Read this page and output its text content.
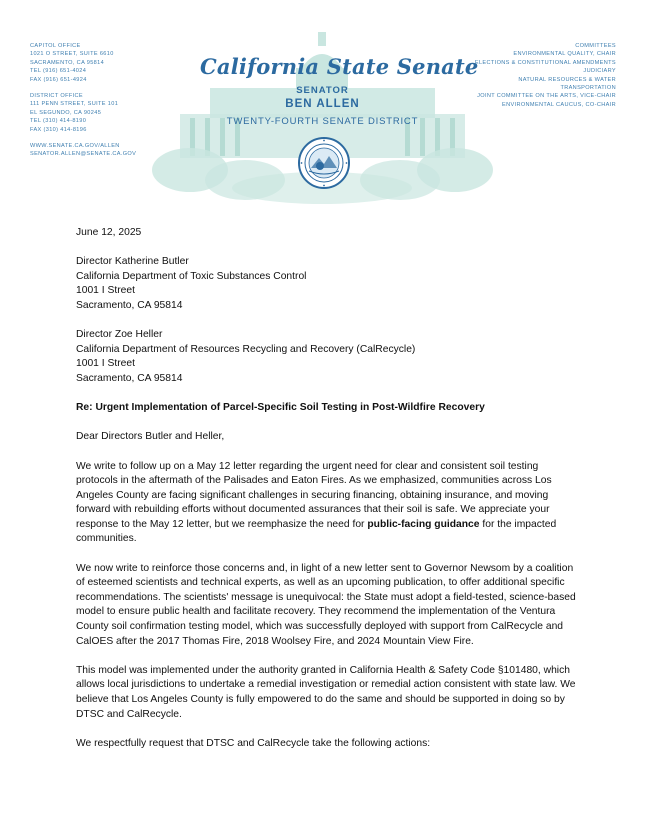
CAPITOL OFFICE
1021 O STREET, SUITE 6610
SACRAMENTO, CA 95814
TEL (916) 651-4024
FAX (916) 651-4924
DISTRICT OFFICE
111 PENN STREET, SUITE 101
EL SEGUNDO, CA 90245
TEL (310) 414-8190
FAX (310) 414-8196
WWW.SENATE.CA.GOV/ALLEN
SENATOR.ALLEN@SENATE.CA.GOV
COMMITTEES
ENVIRONMENTAL QUALITY, CHAIR
ELECTIONS & CONSTITUTIONAL AMENDMENTS
JUDICIARY
NATURAL RESOURCES & WATER
TRANSPORTATION
JOINT COMMITTEE ON THE ARTS, VICE-CHAIR
ENVIRONMENTAL CAUCUS, CO-CHAIR
California State Senate
SENATOR
BEN ALLEN
TWENTY-FOURTH SENATE DISTRICT

June 12, 2025

Director Katherine Butler
California Department of Toxic Substances Control
1001 I Street
Sacramento, CA 95814
Director Zoe Heller
California Department of Resources Recycling and Recovery (CalRecycle)
1001 I Street
Sacramento, CA 95814

Re: Urgent Implementation of Parcel-Specific Soil Testing in Post-Wildfire Recovery

Dear Directors Butler and Heller,

We write to follow up on a May 12 letter regarding the urgent need for clear and consistent soil testing protocols in the aftermath of the Palisades and Eaton Fires. As we emphasized, communities across Los Angeles County are facing significant challenges in securing financing, obtaining insurance, and moving forward with rebuilding efforts without documented assurances that their soil is safe. We appreciate your response to the May 12 letter, but we reemphasize the need for public-facing guidance for the impacted communities.

We now write to reinforce those concerns and, in light of a new letter sent to Governor Newsom by a coalition of esteemed scientists and technical experts, as well as an upcoming publication, to offer additional specific recommendations. The scientists' message is unequivocal: the State must adopt a field-tested, science-based model to ensure public health and facilitate recovery. They recommend the implementation of the Ventura County soil confirmation testing model, which was successfully deployed with support from CalRecycle and CalOES after the 2017 Thomas Fire, 2018 Woolsey Fire, and 2024 Mountain View Fire.

This model was implemented under the authority granted in California Health & Safety Code §101480, which allows local jurisdictions to undertake a remedial investigation or remedial action consistent with state law. We believe that Los Angeles County is fully empowered to do the same and should be supported in doing so by DTSC and CalRecycle.

We respectfully request that DTSC and CalRecycle take the following actions:
